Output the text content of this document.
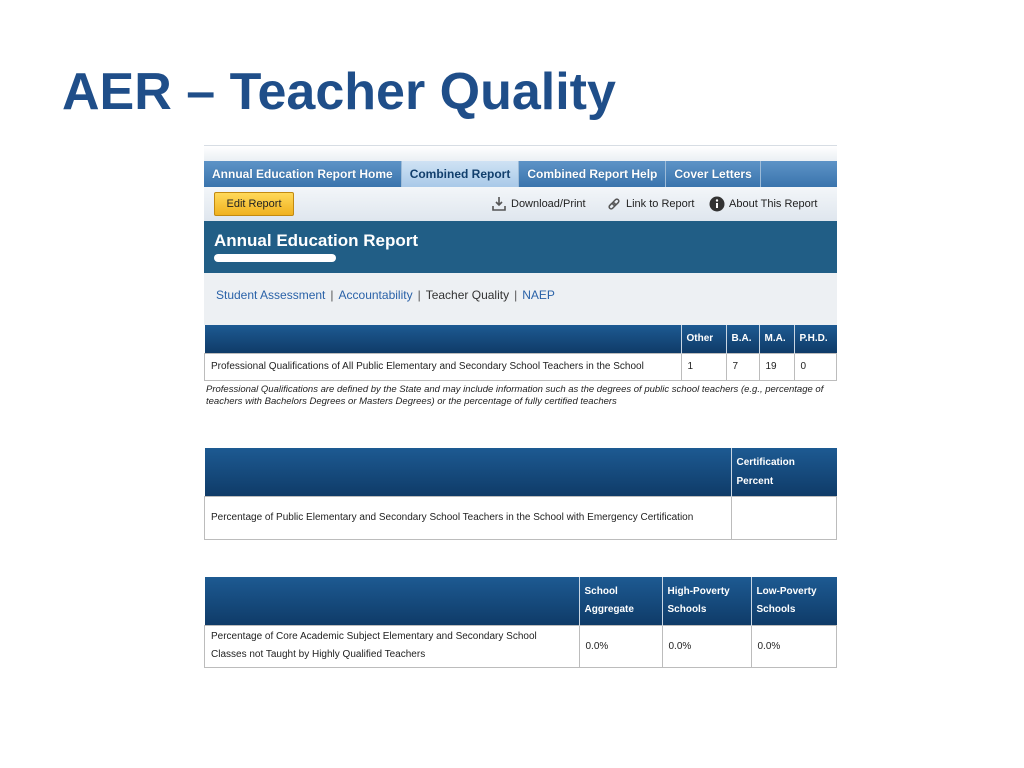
AER – Teacher Quality
Annual Education Report Home	Combined Report	Combined Report Help	Cover Letters
Edit Report	Download/Print	Link to Report	About This Report
Annual Education Report
Student Assessment | Accountability | Teacher Quality | NAEP
	Other	B.A.	M.A.	P.H.D.
Professional Qualifications of All Public Elementary and Secondary School Teachers in the School	1	7	19	0
Professional Qualifications are defined by the State and may include information such as the degrees of public school teachers (e.g., percentage of teachers with Bachelors Degrees or Masters Degrees) or the percentage of fully certified teachers
	Certification Percent
Percentage of Public Elementary and Secondary School Teachers in the School with Emergency Certification	
	School Aggregate	High-Poverty Schools	Low-Poverty Schools
Percentage of Core Academic Subject Elementary and Secondary School Classes not Taught by Highly Qualified Teachers	0.0%	0.0%	0.0%
